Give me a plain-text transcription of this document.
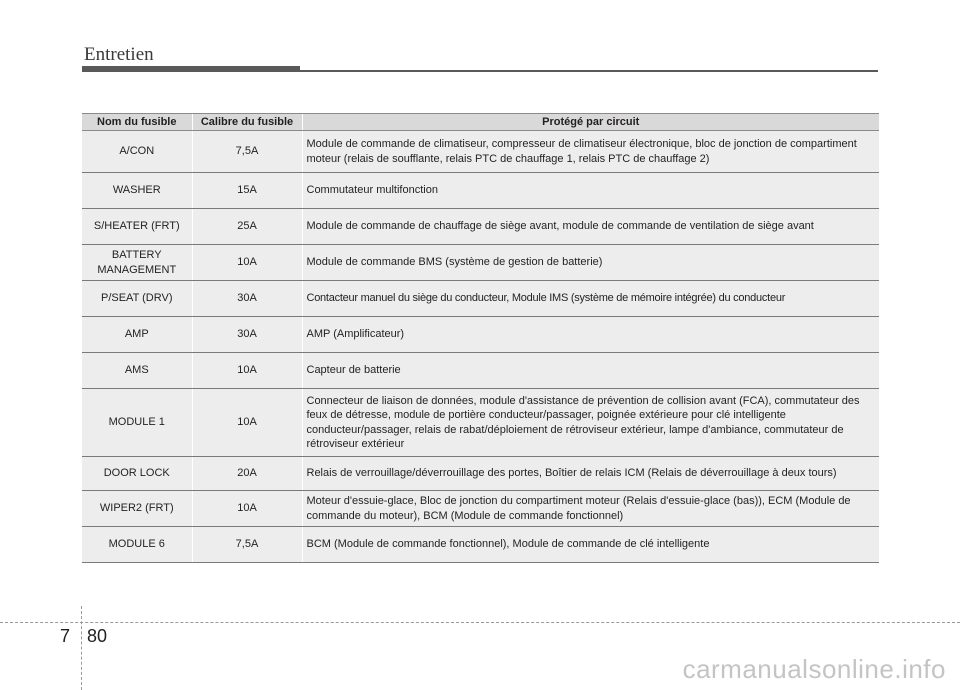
Entretien
Nom du fusible	Calibre du fusible	Protégé par circuit
A/CON	7,5A	Module de commande de climatiseur, compresseur de climatiseur électronique, bloc de jonction de compartiment moteur (relais de soufflante, relais PTC de chauffage 1, relais PTC de chauffage 2)
WASHER	15A	Commutateur multifonction
S/HEATER (FRT)	25A	Module de commande de chauffage de siège avant, module de commande de ventilation de siège avant
BATTERY MANAGEMENT	10A	Module de commande BMS (système de gestion de batterie)
P/SEAT (DRV)	30A	Contacteur manuel du siège du conducteur, Module IMS (système de mémoire intégrée) du conducteur
AMP	30A	AMP (Amplificateur)
AMS	10A	Capteur de batterie
MODULE 1	10A	Connecteur de liaison de données, module d'assistance de prévention de collision avant (FCA), commutateur des feux de détresse, module de portière conducteur/passager, poignée extérieure pour clé intelligente conducteur/passager, relais de rabat/déploiement de rétroviseur extérieur, lampe d'ambiance, commutateur de rétroviseur extérieur
DOOR LOCK	20A	Relais de verrouillage/déverrouillage des portes, Boîtier de relais ICM (Relais de déverrouillage à deux tours)
WIPER2 (FRT)	10A	Moteur d'essuie-glace, Bloc de jonction du compartiment moteur (Relais d'essuie-glace (bas)), ECM (Module de commande du moteur), BCM (Module de commande fonctionnel)
MODULE 6	7,5A	BCM (Module de commande fonctionnel), Module de commande de clé intelligente
7 80
carmanualsonline.info
